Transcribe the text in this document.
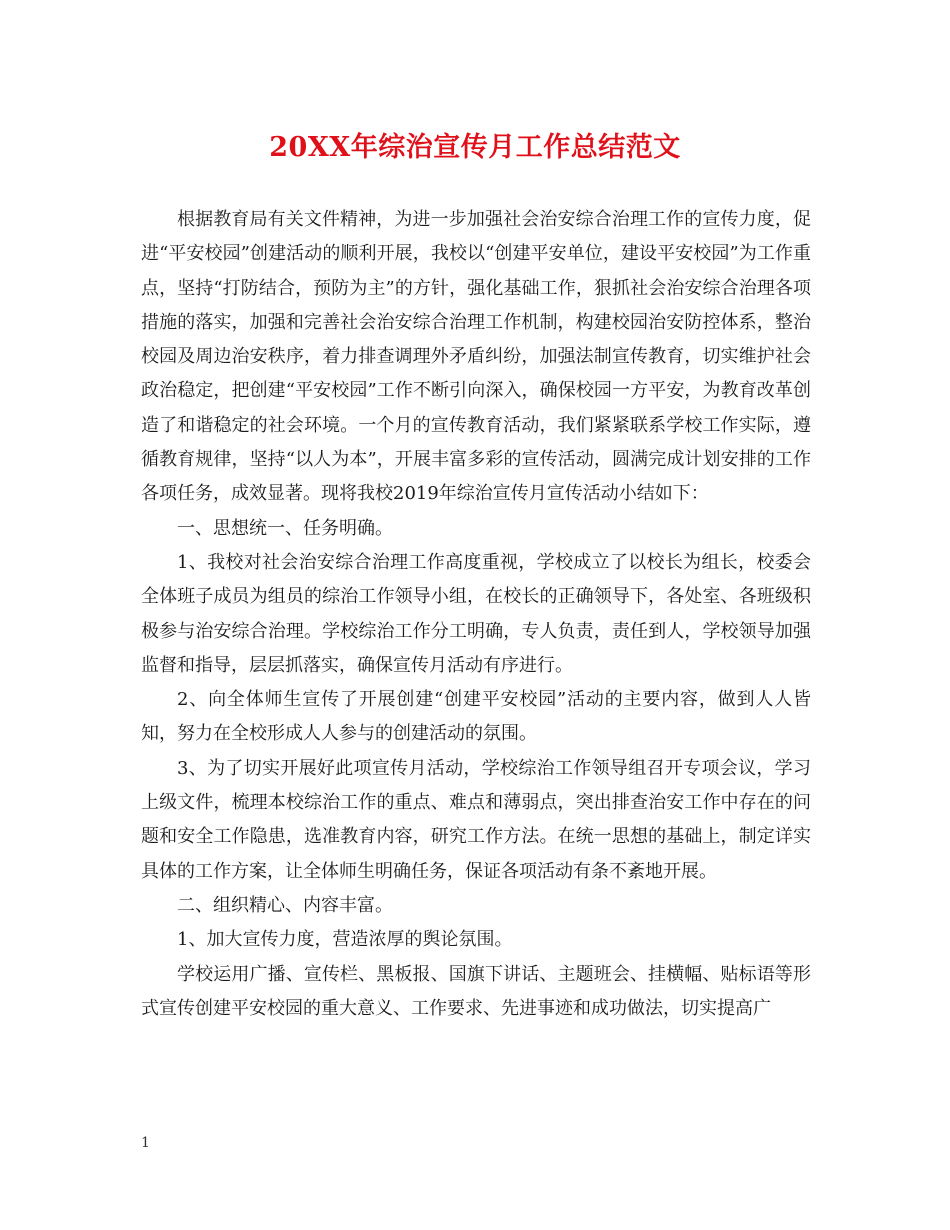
20XX年综治宣传月工作总结范文

根据教育局有关文件精神，为进一步加强社会治安综合治理工作的宣传力度，促进“平安校园”创建活动的顺利开展，我校以“创建平安单位，建设平安校园”为工作重点，坚持“打防结合，预防为主”的方针，强化基础工作，狠抓社会治安综合治理各项措施的落实，加强和完善社会治安综合治理工作机制，构建校园治安防控体系，整治校园及周边治安秩序，着力排查调理外矛盾纠纷，加强法制宣传教育，切实维护社会政治稳定，把创建“平安校园”工作不断引向深入，确保校园一方平安，为教育改革创造了和谐稳定的社会环境。一个月的宣传教育活动，我们紧紧联系学校工作实际，遵循教育规律，坚持“以人为本”，开展丰富多彩的宣传活动，圆满完成计划安排的工作各项任务，成效显著。现将我校2019年综治宣传月宣传活动小结如下：

一、思想统一、任务明确。

1、我校对社会治安综合治理工作高度重视，学校成立了以校长为组长，校委会全体班子成员为组员的综治工作领导小组，在校长的正确领导下，各处室、各班级积极参与治安综合治理。学校综治工作分工明确，专人负责，责任到人，学校领导加强监督和指导，层层抓落实，确保宣传月活动有序进行。

2、向全体师生宣传了开展创建“创建平安校园”活动的主要内容，做到人人皆知，努力在全校形成人人参与的创建活动的氛围。

3、为了切实开展好此项宣传月活动，学校综治工作领导组召开专项会议，学习上级文件，梳理本校综治工作的重点、难点和薄弱点，突出排查治安工作中存在的问题和安全工作隐患，选准教育内容，研究工作方法。在统一思想的基础上，制定详实具体的工作方案，让全体师生明确任务，保证各项活动有条不紊地开展。

二、组织精心、内容丰富。

1、加大宣传力度，营造浓厚的舆论氛围。

学校运用广播、宣传栏、黑板报、国旗下讲话、主题班会、挂横幅、贴标语等形式宣传创建平安校园的重大意义、工作要求、先进事迹和成功做法，切实提高广

1
